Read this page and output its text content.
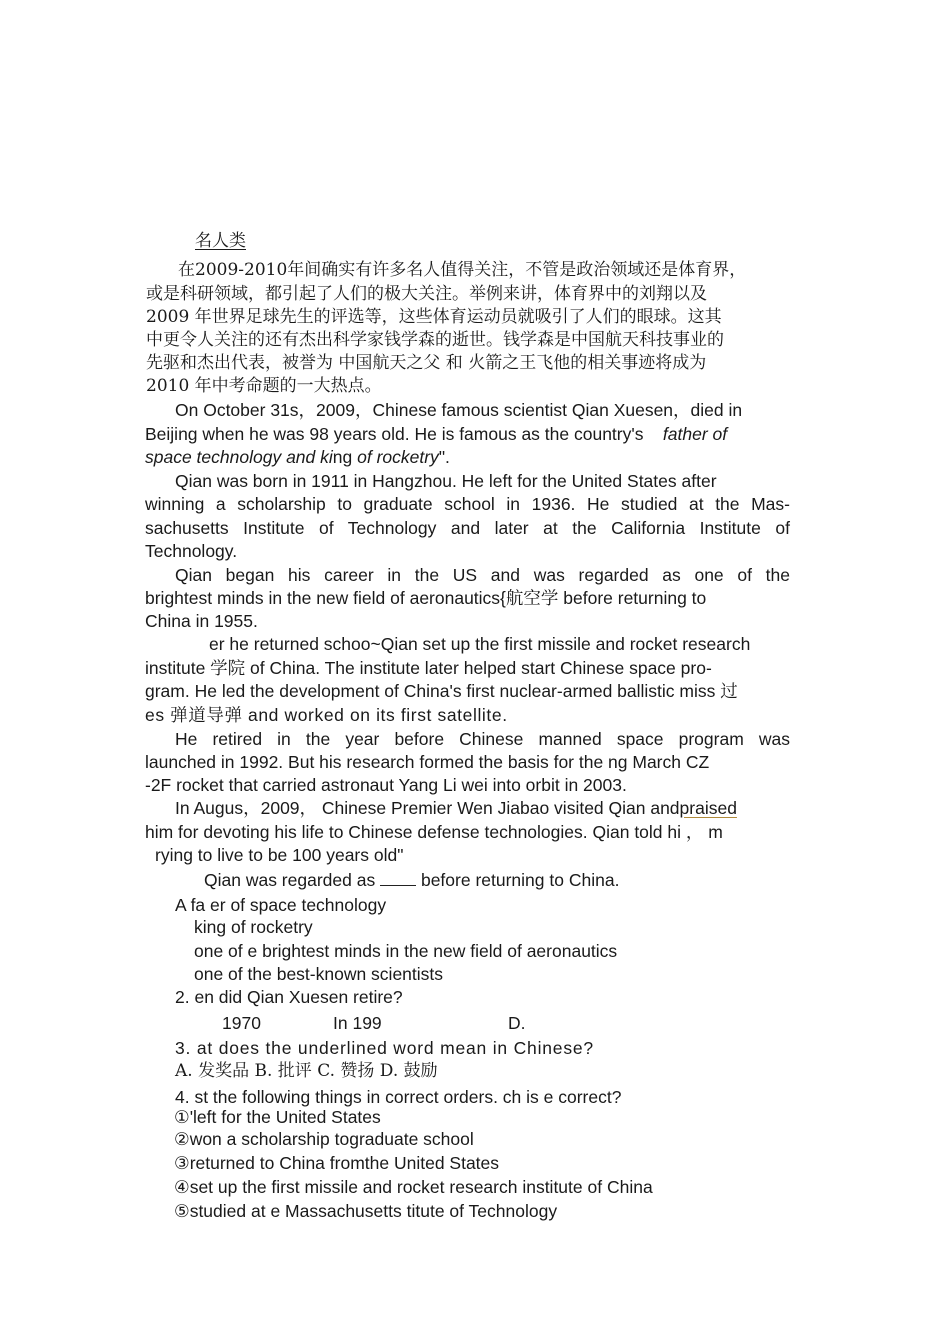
名人类
在2009-2010年间确实有许多名人值得关注，不管是政治领域还是体育界，
或是科研领域，都引起了人们的极大关注。举例来讲，体育界中的刘翔以及
2009 年世界足球先生的评选等，这些体育运动员就吸引了人们的眼球。这其
中更令人关注的还有杰出科学家钱学森的逝世。钱学森是中国航天科技事业的
先驱和杰出代表，被誉为 中国航天之父 和 火箭之王飞他的相关事迹将成为
2010 年中考命题的一大热点。
On October 31s，2009，Chinese famous scientist Qian Xuesen，died in
Beijing when he was 98 years old. He is famous as the country's father of
space technology and king of rocketry".
Qian was born in 1911 in Hangzhou. He left for the United States after
winning a scholarship to graduate school in 1936. He studied at the Mas-
sachusetts Institute of Technology and later at the California Institute of
Technology.
Qian began his career in the US and was regarded as one of the
brightest minds in the new field of aeronautics{航空学 before returning to
China in 1955.
er he returned schoo~Qian set up the first missile and rocket research
institute 学院 of China. The institute later helped start Chinese space pro-
gram. He led the development of China's first nuclear-armed ballistic miss 过
es 弹道导弹 and worked on its first satellite.
He retired in the year before Chinese manned space program was
launched in 1992. But his research formed the basis for the ng March CZ
-2F rocket that carried astronaut Yang Li wei into orbit in 2003.
In Augus，2009， Chinese Premier Wen Jiabao visited Qian andpraised
him for devoting his life to Chinese defense technologies. Qian told hi ， m
rying to live to be 100 years old"
Qian was regarded as	before returning to China.
A fa er of space technology
king of rocketry
one of e brightest minds in the new field of aeronautics
one of the best-known scientists
2. en did Qian Xuesen retire?
1970	In 199	D.
3. at does the underlined word mean in Chinese?
A. 发奖品 B. 批评 C. 赞扬 D. 鼓励
4. st the following things in correct orders. ch is e correct?
①'left for the United States
②won a scholarship tograduate school
③returned to China fromthe United States
④set up the first missile and rocket research institute of China
⑤studied at e Massachusetts titute of Technology
